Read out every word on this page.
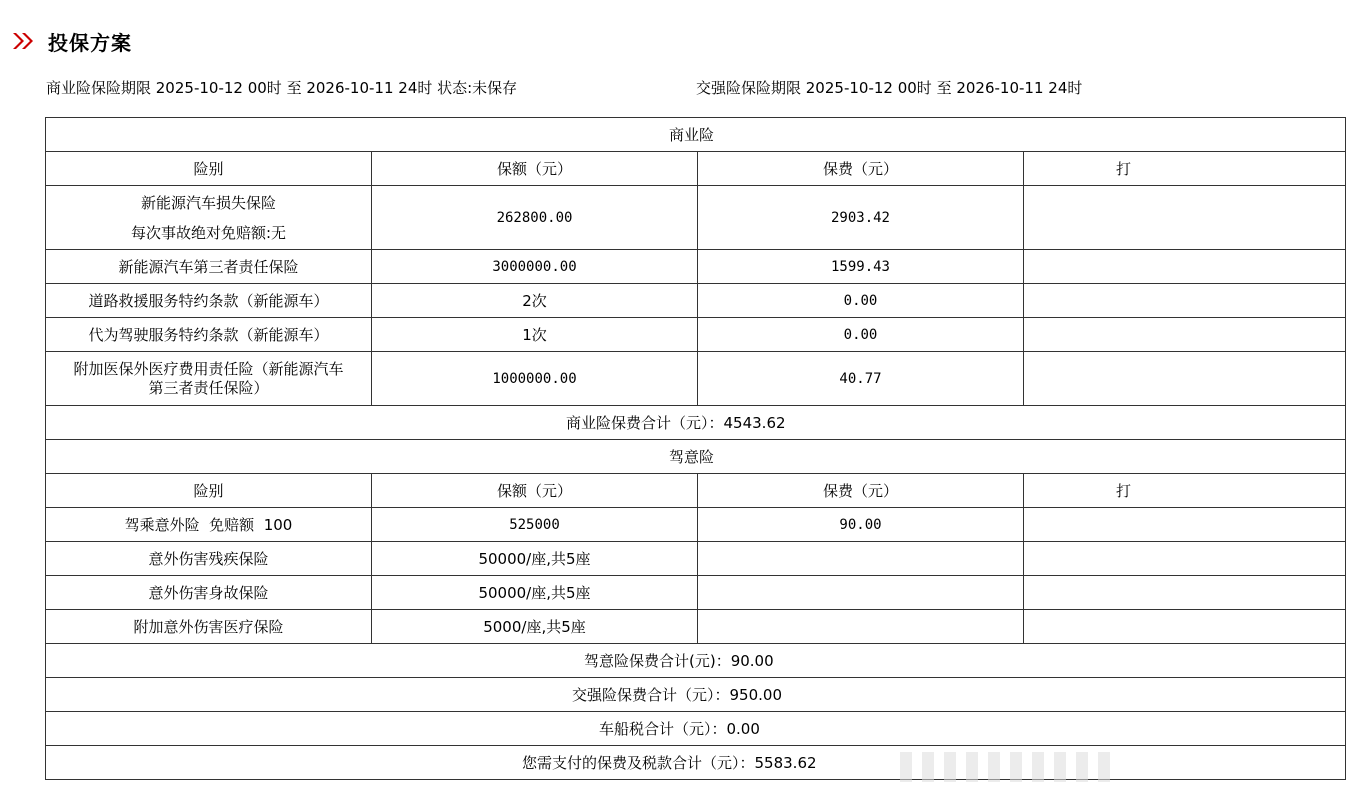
投保方案
商业险保险期限 2025-10-12 00时 至 2026-10-11 24时 状态:未保存	交强险保险期限 2025-10-12 00时 至 2026-10-11 24时
商业险			
险别	保额（元）	保费（元）	打

新能源汽车损失保险
每次事故绝对免赔额:无	262800.00	2903.42	
新能源汽车第三者责任保险	3000000.00	1599.43	
道路救援服务特约条款（新能源车）	2次	0.00	
代为驾驶服务特约条款（新能源车）	1次	0.00	

附加医保外医疗费用责任险（新能源汽车
第三者责任保险）	1000000.00	40.77	
商业险保费合计（元）：4543.62			
驾意险			
险别	保额（元）	保费（元）	打
驾乘意外险  免赔额  100	525000	90.00	
意外伤害残疾保险	50000/座,共5座		
意外伤害身故保险	50000/座,共5座		
附加意外伤害医疗保险	5000/座,共5座		
驾意险保费合计(元)：90.00			
交强险保费合计（元）：950.00			
车船税合计（元）：0.00			
您需支付的保费及税款合计（元）：5583.62			
